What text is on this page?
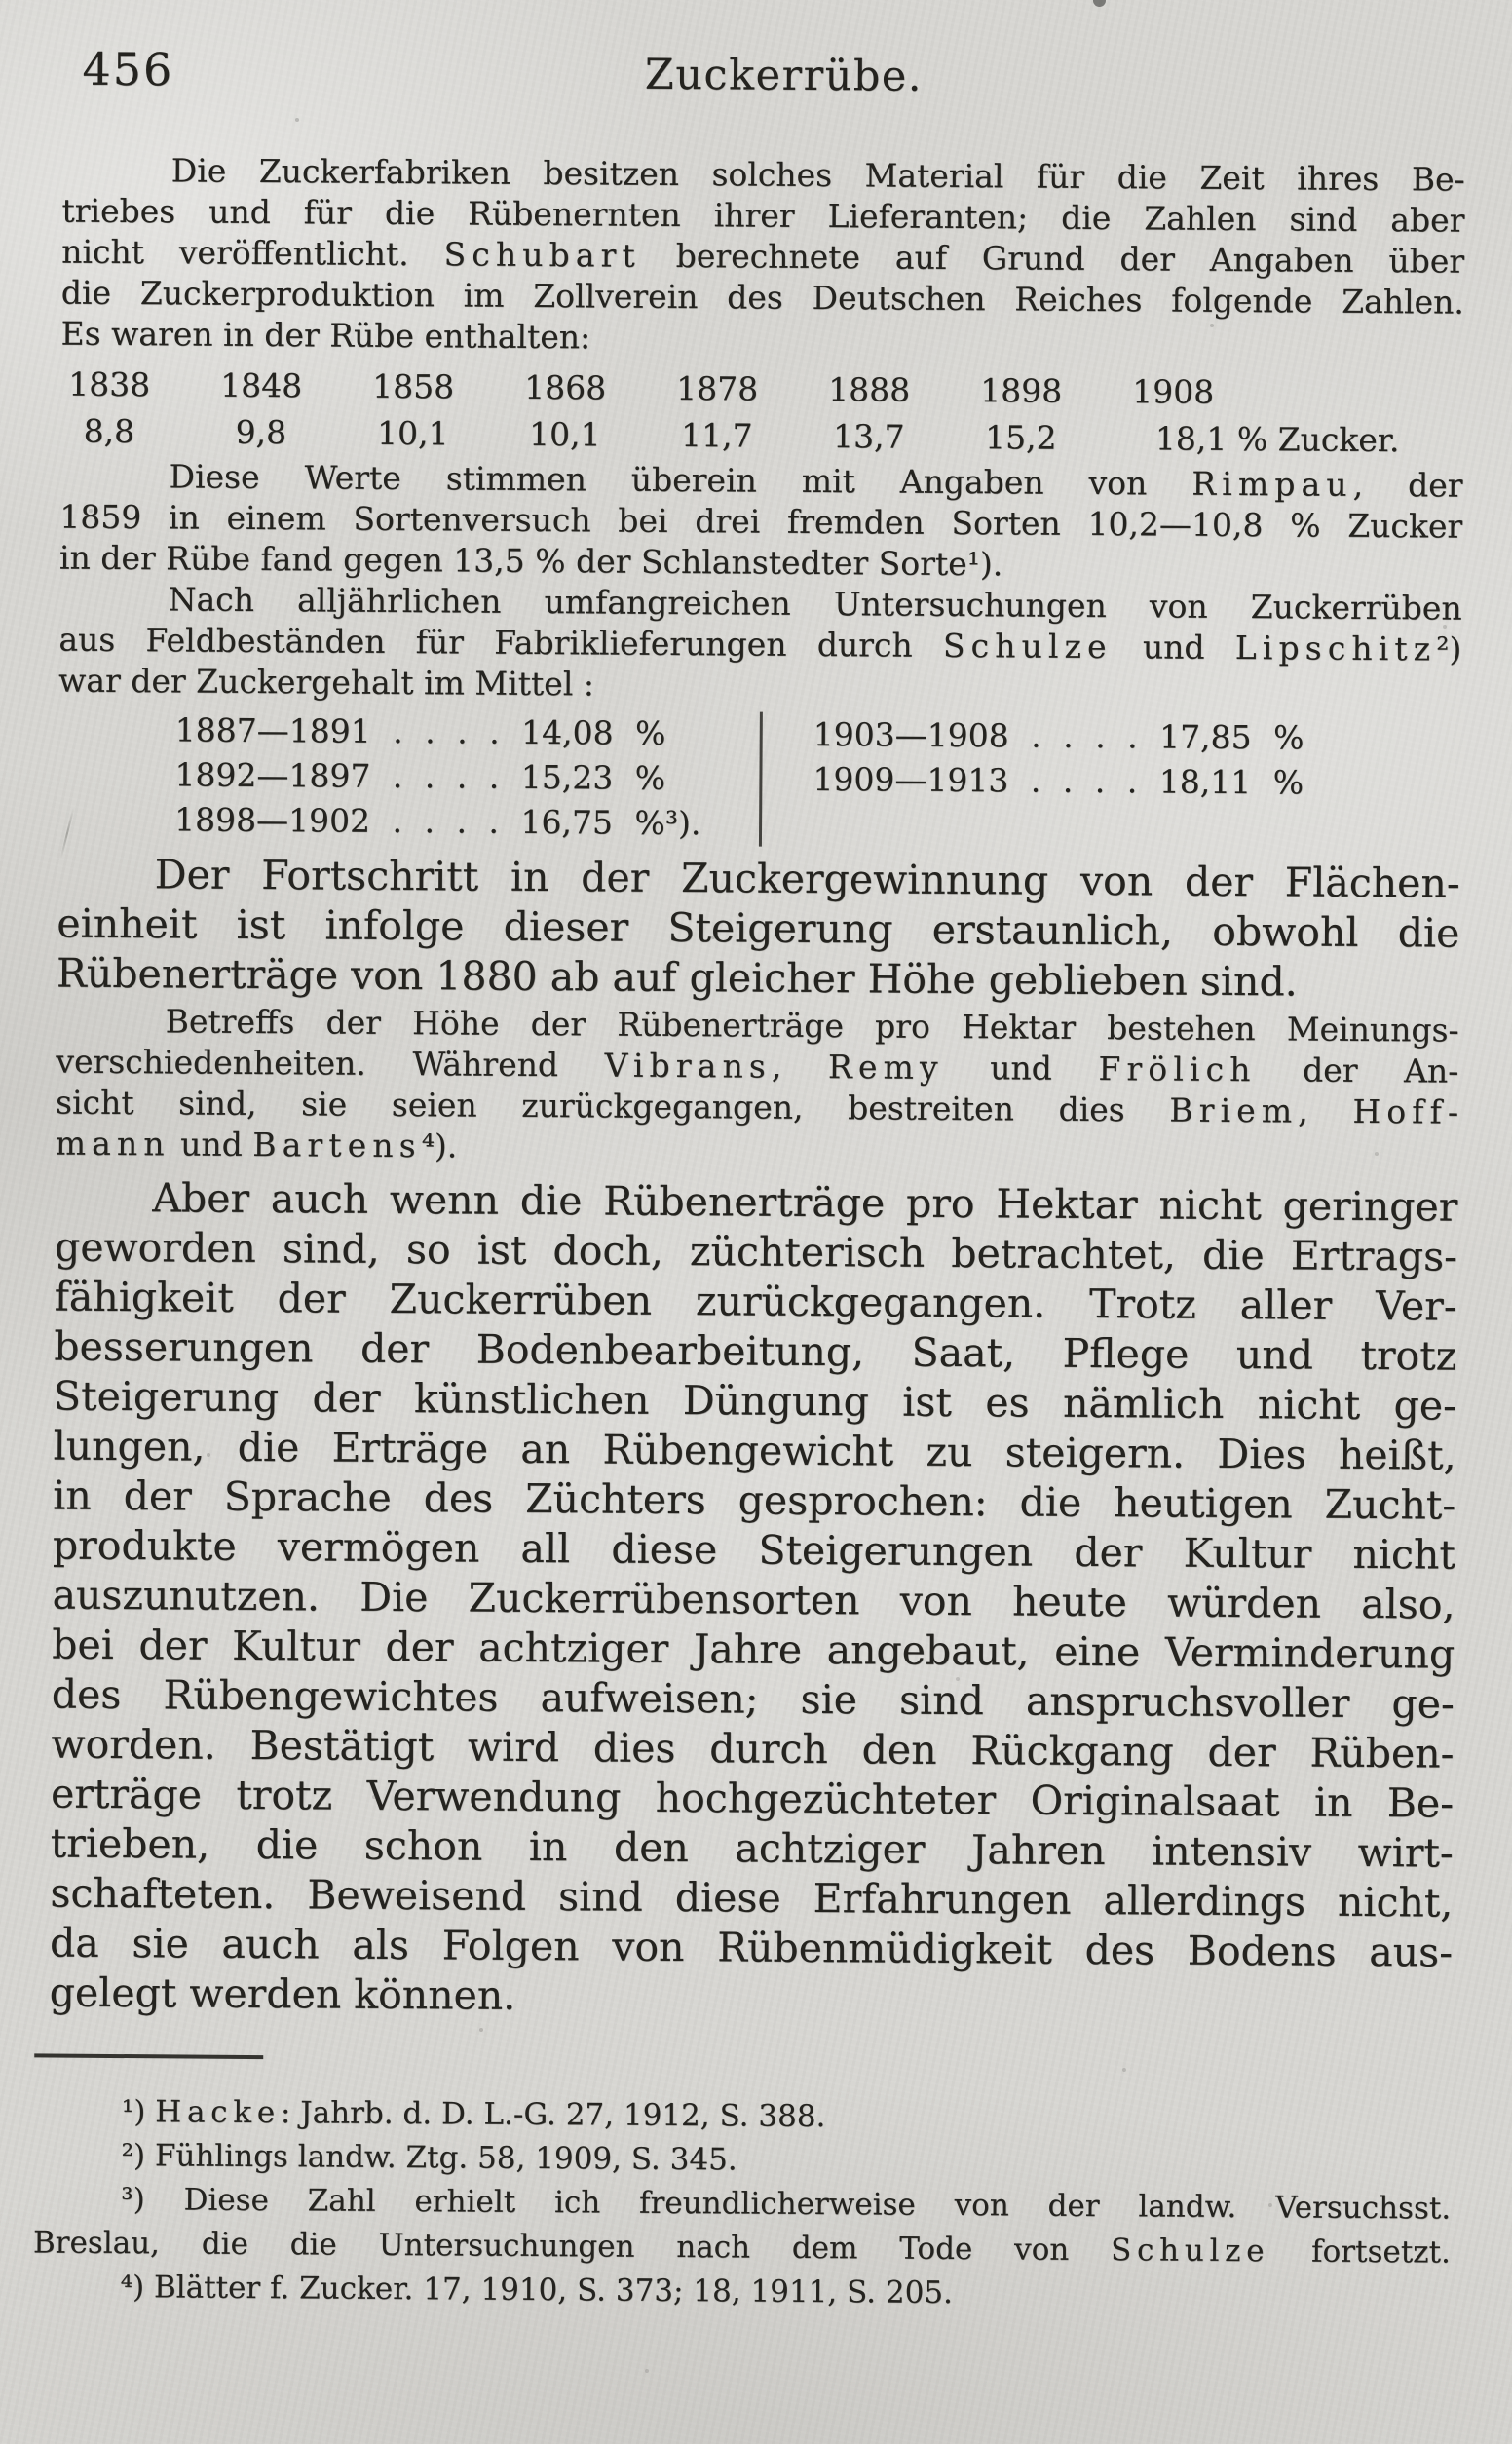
456	Zuckerrübe.
Die Zuckerfabriken besitzen solches Material für die Zeit ihres Be-
triebes und für die Rübenernten ihrer Lieferanten; die Zahlen sind aber
nicht veröffentlicht. Schubart berechnete auf Grund der Angaben über
die Zuckerproduktion im Zollverein des Deutschen Reiches folgende Zahlen.
Es waren in der Rübe enthalten:
1838	1848	1858	1868	1878	1888	1898	1908
8,8	9,8	10,1	10,1	11,7	13,7	15,2	18,1 % Zucker.
Diese Werte stimmen überein mit Angaben von Rimpau, der
1859 in einem Sortenversuch bei drei fremden Sorten 10,2—10,8 % Zucker
in der Rübe fand gegen 13,5 % der Schlanstedter Sorte¹).
Nach alljährlichen umfangreichen Untersuchungen von Zuckerrüben
aus Feldbeständen für Fabriklieferungen durch Schulze und Lipschitz²)
war der Zuckergehalt im Mittel :
1887—1891 . . . . 14,08 %
1892—1897 . . . . 15,23 %
1898—1902 . . . . 16,75 %³).
1903—1908 . . . . 17,85 %
1909—1913 . . . . 18,11 %
Der Fortschritt in der Zuckergewinnung von der Flächen-
einheit ist infolge dieser Steigerung erstaunlich, obwohl die
Rübenerträge von 1880 ab auf gleicher Höhe geblieben sind.
Betreffs der Höhe der Rübenerträge pro Hektar bestehen Meinungs-
verschiedenheiten. Während Vibrans, Remy und Frölich der An-
sicht sind, sie seien zurückgegangen, bestreiten dies Briem, Hoff-
mann und Bartens⁴).
Aber auch wenn die Rübenerträge pro Hektar nicht geringer
geworden sind, so ist doch, züchterisch betrachtet, die Ertrags-
fähigkeit der Zuckerrüben zurückgegangen. Trotz aller Ver-
besserungen der Bodenbearbeitung, Saat, Pflege und trotz
Steigerung der künstlichen Düngung ist es nämlich nicht ge-
lungen, die Erträge an Rübengewicht zu steigern. Dies heißt,
in der Sprache des Züchters gesprochen: die heutigen Zucht-
produkte vermögen all diese Steigerungen der Kultur nicht
auszunutzen. Die Zuckerrübensorten von heute würden also,
bei der Kultur der achtziger Jahre angebaut, eine Verminderung
des Rübengewichtes aufweisen; sie sind anspruchsvoller ge-
worden. Bestätigt wird dies durch den Rückgang der Rüben-
erträge trotz Verwendung hochgezüchteter Originalsaat in Be-
trieben, die schon in den achtziger Jahren intensiv wirt-
schafteten. Beweisend sind diese Erfahrungen allerdings nicht,
da sie auch als Folgen von Rübenmüdigkeit des Bodens aus-
gelegt werden können.
¹) Hacke: Jahrb. d. D. L.-G. 27, 1912, S. 388.
²) Fühlings landw. Ztg. 58, 1909, S. 345.
³) Diese Zahl erhielt ich freundlicherweise von der landw. Versuchsst.
Breslau, die die Untersuchungen nach dem Tode von Schulze fortsetzt.
⁴) Blätter f. Zucker. 17, 1910, S. 373; 18, 1911, S. 205.
